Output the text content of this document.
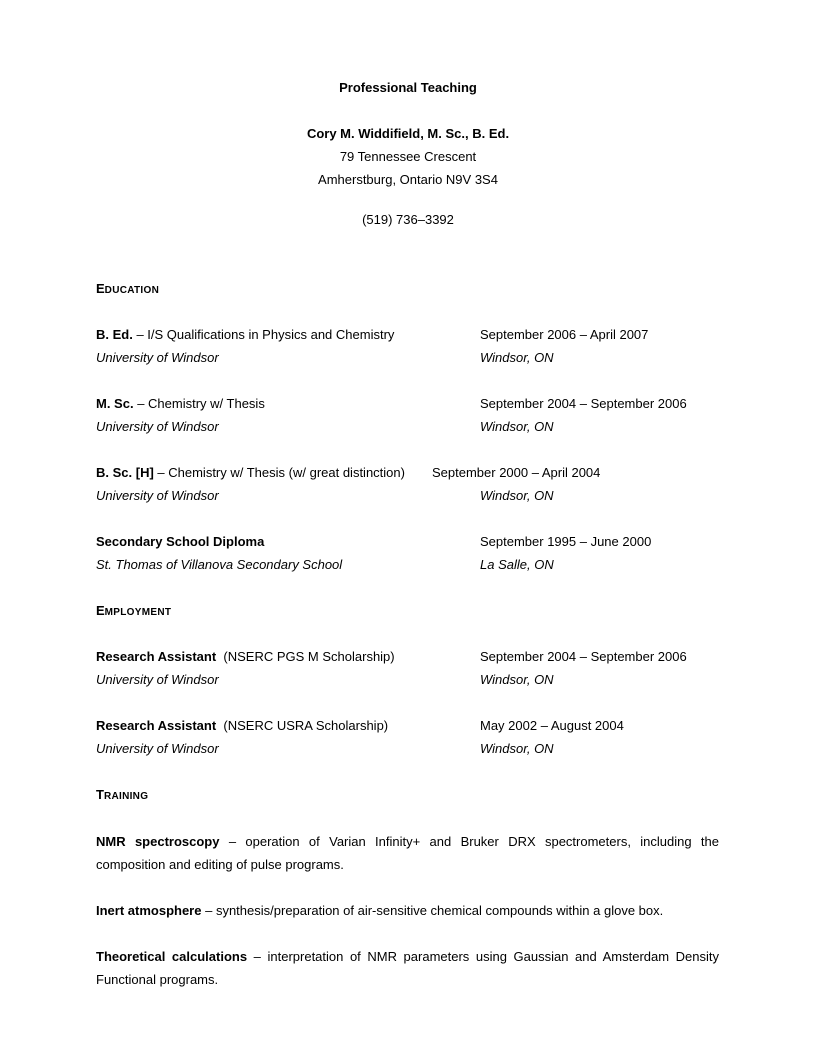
Professional Teaching
Cory M. Widdifield, M. Sc., B. Ed.
79 Tennessee Crescent
Amherstburg, Ontario N9V 3S4
(519) 736–3392
EDUCATION
B. Ed. – I/S Qualifications in Physics and Chemistry	September 2006 – April 2007
University of Windsor	Windsor, ON
M. Sc. – Chemistry w/ Thesis	September 2004 – September 2006
University of Windsor	Windsor, ON
B. Sc. [H] – Chemistry w/ Thesis (w/ great distinction) September 2000 – April 2004
University of Windsor	Windsor, ON
Secondary School Diploma	September 1995 – June 2000
St. Thomas of Villanova Secondary School	La Salle, ON
EMPLOYMENT
Research Assistant  (NSERC PGS M Scholarship)	September 2004 – September 2006
University of Windsor	Windsor, ON
Research Assistant  (NSERC USRA Scholarship)	May 2002 – August 2004
University of Windsor	Windsor, ON
TRAINING
NMR spectroscopy – operation of Varian Infinity+ and Bruker DRX spectrometers, including the composition and editing of pulse programs.
Inert atmosphere – synthesis/preparation of air-sensitive chemical compounds within a glove box.
Theoretical calculations – interpretation of NMR parameters using Gaussian and Amsterdam Density Functional programs.
